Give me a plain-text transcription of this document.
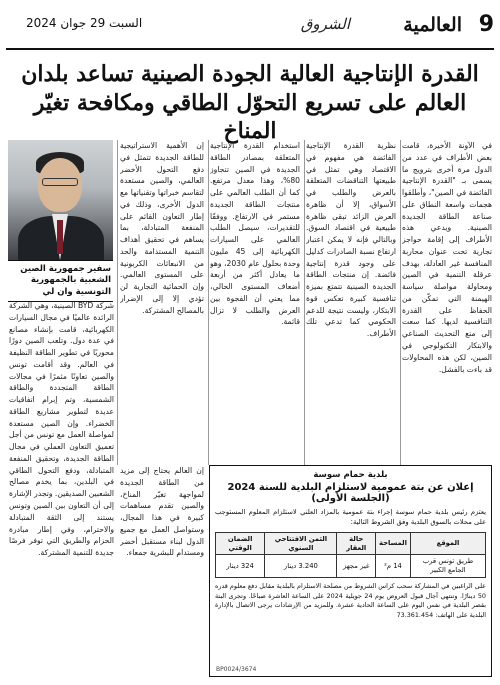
9
العالمية
الشروق
السبت 29 جوان 2024
القدرة الإنتاجية العالية الجودة الصينية تساعد بلدان
العالم على تسريع التحوّل الطاقي ومكافحة تغيّر المناخ
سفير جمهورية الصين الشعبية بالجمهورية التونسية وان لي
في الآونة الأخيرة، قامت بعض الأطراف في عدد من الدول مرة أخرى بترويج ما يسمى بـ "القدرة الإنتاجية الفائضة في الصين"، وأطلقوا هجمات واسعة النطاق على صناعة الطاقة الجديدة الصينية. ويدعي هذه الأطراف إلى إقامة حواجز تجارية تحت عنوان محاربة المنافسة غير العادلة، بهدف عرقلة التنمية في الصين ومحاولة مواصلة سياسة الهيمنة التي تمكّن من الحفاظ على القدرة التنافسية لديها. كما سعت إلى منع التحديث الصناعي والابتكار التكنولوجي في الصين، لكن هذه المحاولات قد باءت بالفشل.
نظرية القدرة الإنتاجية الفائضة هي مفهوم في الاقتصاد وهي تمثل في طبيعتها التناقضات المتعلقة بالعرض والطلب في الأسواق، إلا أن ظاهرة العرض الزائد تبقى ظاهرة طبيعية في اقتصاد السوق. وبالتالي فإنه لا يمكن اعتبار ارتفاع نسبة الصادرات كدليل على وجود قدرة إنتاجية فائضة. إن منتجات الطاقة الجديدة الصينية تتمتع بميزة تنافسية كبيرة تعكس قوة الابتكار، وليست نتيجة للدعم الحكومي كما تدعي تلك الأطراف.
استخدام القدرة الإنتاجية المتعلقة بمصادر الطاقة الجديدة في الصين تتجاوز 80%، وهذا معدل مرتفع. كما أن الطلب العالمي على منتجات الطاقة الجديدة مستمر في الارتفاع. ووفقًا للتقديرات، سيصل الطلب العالمي على السيارات الكهربائية إلى 45 مليون وحدة بحلول عام 2030، وهو ما يعادل أكثر من أربعة أضعاف المستوى الحالي، مما يعني أن الفجوة بين العرض والطلب لا تزال قائمة.
إن الأهمية الاستراتيجية للطاقة الجديدة تتمثل في دفع التحول الأخضر العالمي، والصين مستعدة لتقاسم خبراتها وتقنياتها مع الدول الأخرى، وذلك في إطار التعاون القائم على المنفعة المتبادلة، بما يساهم في تحقيق أهداف التنمية المستدامة والحد من الانبعاثات الكربونية على المستوى العالمي. وإن الحمائية التجارية لن تؤدي إلا إلى الإضرار بالمصالح المشتركة.
شركة BYD الصينية، وهي الشركة الرائدة عالميًا في مجال السيارات الكهربائية، قامت بإنشاء مصانع في عدة دول. وتلعب الصين دورًا محوريًا في تطوير الطاقة النظيفة في العالم. وقد أقامت تونس والصين تعاونًا مثمرًا في مجالات الطاقة المتجددة والطاقة الشمسية، وتم إبرام اتفاقيات عديدة لتطوير مشاريع الطاقة الخضراء. وإن الصين مستعدة لمواصلة العمل مع تونس من أجل تعميق التعاون العملي في مجال الطاقة الجديدة، وتحقيق المنفعة المتبادلة، ودفع التحول الطاقي في البلدين، بما يخدم مصالح الشعبين الصديقين. وتجدر الإشارة إلى أن التعاون بين الصين وتونس يستند إلى الثقة المتبادلة والاحترام، وفي إطار مبادرة الحزام والطريق التي توفر فرصًا جديدة للتنمية المشتركة.
إن العالم يحتاج إلى مزيد من الطاقة الجديدة لمواجهة تغيّر المناخ، والصين تقدم مساهمات كبيرة في هذا المجال، وستواصل العمل مع جميع الدول لبناء مستقبل أخضر ومستدام للبشرية جمعاء.
بلدية حمام سوسة
إعلان عن بتة عمومية لاستلزام البلدية للسنة 2024 (الجلسة الأولى)
يعتزم رئيس بلدية حمام سوسة إجراء بتة عمومية بالمزاد العلني لاستلزام المعلوم المستوجب على محلات بالسوق البلدية وفق الشروط التالية:
الموقع	المساحة	حالة العقار	الثمن الافتتاحي السنوي	الضمان الوقتي
طريق تونس قرب الجامع الكبير	14 م²	غير مجهز	3.240 دينار	324 دينار
على الراغبين في المشاركة سحب كراس الشروط من مصلحة الاستلزام بالبلدية مقابل دفع معلوم قدره 50 دينارًا. وتنتهي آجال قبول العروض يوم 24 جويلية 2024 على الساعة العاشرة صباحًا. وتجرى البتة بقصر البلدية في نفس اليوم على الساعة الحادية عشرة. وللمزيد من الإرشادات يرجى الاتصال بالإدارة البلدية على الهاتف: 73.361.454
BP0024/3674
